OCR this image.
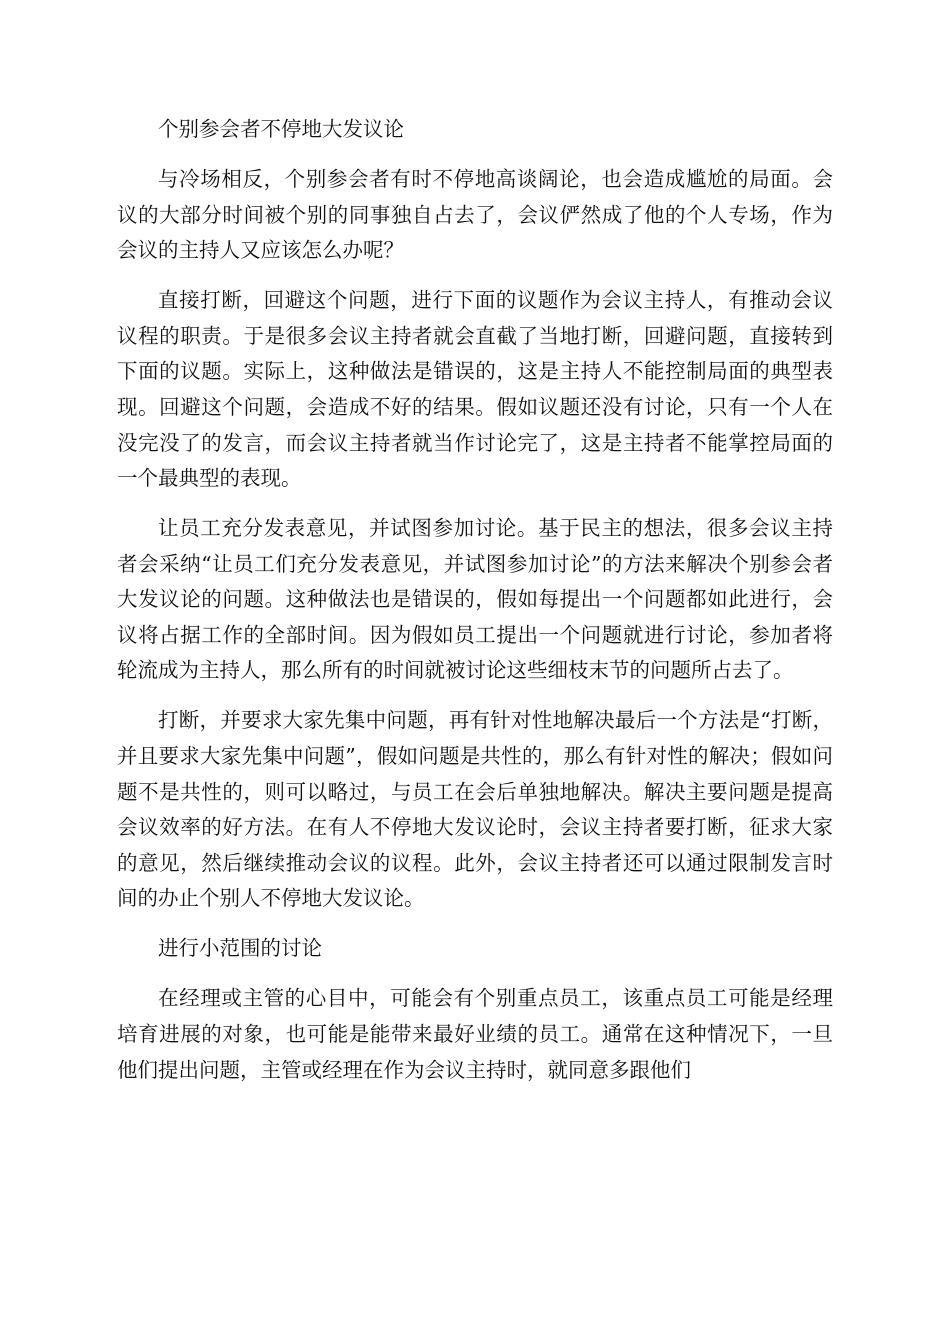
个别参会者不停地大发议论

与冷场相反，个别参会者有时不停地高谈阔论，也会造成尴尬的局面。会议的大部分时间被个别的同事独自占去了，会议俨然成了他的个人专场，作为会议的主持人又应该怎么办呢？

直接打断，回避这个问题，进行下面的议题作为会议主持人，有推动会议议程的职责。于是很多会议主持者就会直截了当地打断，回避问题，直接转到下面的议题。实际上，这种做法是错误的，这是主持人不能控制局面的典型表现。回避这个问题，会造成不好的结果。假如议题还没有讨论，只有一个人在没完没了的发言，而会议主持者就当作讨论完了，这是主持者不能掌控局面的一个最典型的表现。

让员工充分发表意见，并试图参加讨论。基于民主的想法，很多会议主持者会采纳“让员工们充分发表意见，并试图参加讨论”的方法来解决个别参会者大发议论的问题。这种做法也是错误的，假如每提出一个问题都如此进行，会议将占据工作的全部时间。因为假如员工提出一个问题就进行讨论，参加者将轮流成为主持人，那么所有的时间就被讨论这些细枝末节的问题所占去了。

打断，并要求大家先集中问题，再有针对性地解决最后一个方法是“打断，并且要求大家先集中问题”，假如问题是共性的，那么有针对性的解决；假如问题不是共性的，则可以略过，与员工在会后单独地解决。解决主要问题是提高会议效率的好方法。在有人不停地大发议论时，会议主持者要打断，征求大家的意见，然后继续推动会议的议程。此外，会议主持者还可以通过限制发言时间的办止个别人不停地大发议论。

进行小范围的讨论

在经理或主管的心目中，可能会有个别重点员工，该重点员工可能是经理培育进展的对象，也可能是能带来最好业绩的员工。通常在这种情况下，一旦他们提出问题，主管或经理在作为会议主持时，就同意多跟他们
